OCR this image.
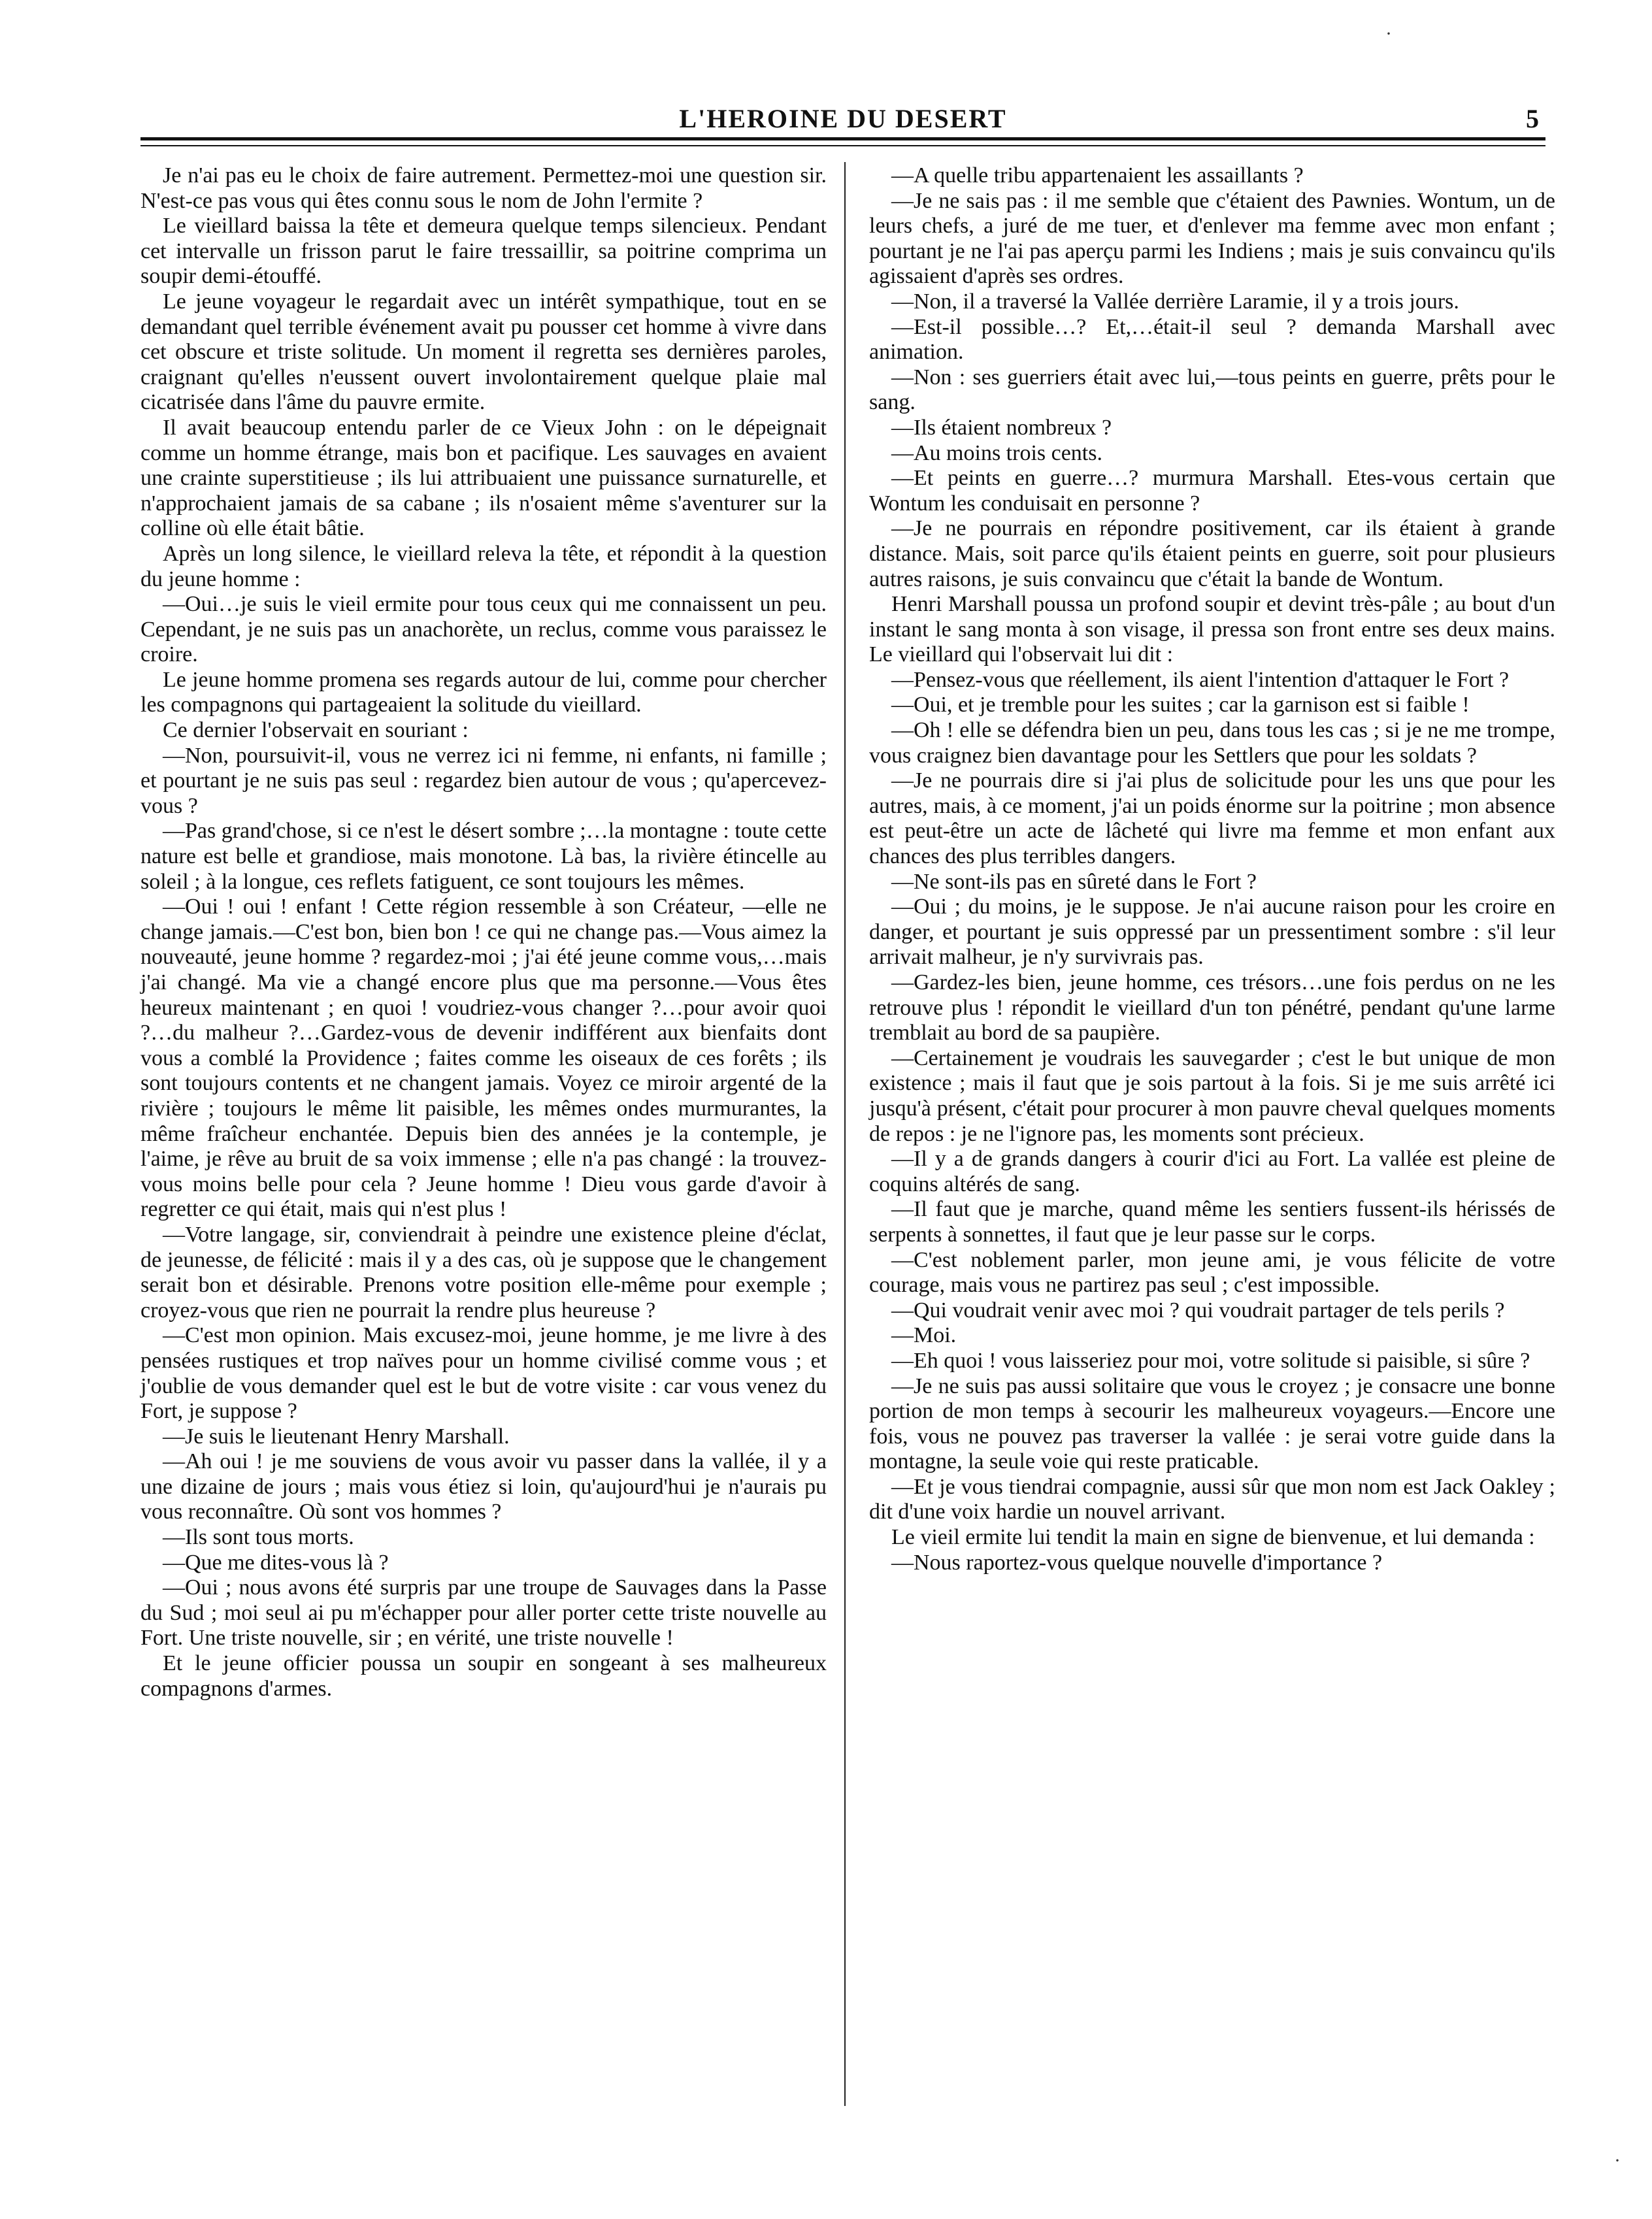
L'HEROINE DU DESERT	5

Je n'ai pas eu le choix de faire autrement. Permettez-moi une question sir. N'est-ce pas vous qui êtes connu sous le nom de John l'ermite ?

Le vieillard baissa la tête et demeura quelque temps silencieux. Pendant cet intervalle un frisson parut le faire tressaillir, sa poitrine comprima un soupir demi-étouffé.

Le jeune voyageur le regardait avec un intérêt sympathique, tout en se demandant quel terrible événement avait pu pousser cet homme à vivre dans cet obscure et triste solitude. Un moment il regretta ses dernières paroles, craignant qu'elles n'eussent ouvert involontairement quelque plaie mal cicatrisée dans l'âme du pauvre ermite.

Il avait beaucoup entendu parler de ce Vieux John : on le dépeignait comme un homme étrange, mais bon et pacifique. Les sauvages en avaient une crainte superstitieuse ; ils lui attribuaient une puissance surnaturelle, et n'approchaient jamais de sa cabane ; ils n'osaient même s'aventurer sur la colline où elle était bâtie.

Après un long silence, le vieillard releva la tête, et répondit à la question du jeune homme :

—Oui…je suis le vieil ermite pour tous ceux qui me connaissent un peu. Cependant, je ne suis pas un anachorète, un reclus, comme vous paraissez le croire.

Le jeune homme promena ses regards autour de lui, comme pour chercher les compagnons qui partageaient la solitude du vieillard.

Ce dernier l'observait en souriant :

—Non, poursuivit-il, vous ne verrez ici ni femme, ni enfants, ni famille ; et pourtant je ne suis pas seul : regardez bien autour de vous ; qu'apercevez-vous ?

—Pas grand'chose, si ce n'est le désert sombre ;…la montagne : toute cette nature est belle et grandiose, mais monotone. Là bas, la rivière étincelle au soleil ; à la longue, ces reflets fatiguent, ce sont toujours les mêmes.

—Oui ! oui ! enfant ! Cette région ressemble à son Créateur, —elle ne change jamais.—C'est bon, bien bon ! ce qui ne change pas.—Vous aimez la nouveauté, jeune homme ? regardez-moi ; j'ai été jeune comme vous,…mais j'ai changé. Ma vie a changé encore plus que ma personne.—Vous êtes heureux maintenant ; en quoi ! voudriez-vous changer ?…pour avoir quoi ?…du malheur ?…Gardez-vous de devenir indifférent aux bienfaits dont vous a comblé la Providence ; faites comme les oiseaux de ces forêts ; ils sont toujours contents et ne changent jamais. Voyez ce miroir argenté de la rivière ; toujours le même lit paisible, les mêmes ondes murmurantes, la même fraîcheur enchantée. Depuis bien des années je la contemple, je l'aime, je rêve au bruit de sa voix immense ; elle n'a pas changé : la trouvez-vous moins belle pour cela ? Jeune homme ! Dieu vous garde d'avoir à regretter ce qui était, mais qui n'est plus !

—Votre langage, sir, conviendrait à peindre une existence pleine d'éclat, de jeunesse, de félicité : mais il y a des cas, où je suppose que le changement serait bon et désirable. Prenons votre position elle-même pour exemple ; croyez-vous que rien ne pourrait la rendre plus heureuse ?

—C'est mon opinion. Mais excusez-moi, jeune homme, je me livre à des pensées rustiques et trop naïves pour un homme civilisé comme vous ; et j'oublie de vous demander quel est le but de votre visite : car vous venez du Fort, je suppose ?

—Je suis le lieutenant Henry Marshall.

—Ah oui ! je me souviens de vous avoir vu passer dans la vallée, il y a une dizaine de jours ; mais vous étiez si loin, qu'aujourd'hui je n'aurais pu vous reconnaître. Où sont vos hommes ?

—Ils sont tous morts.

—Que me dites-vous là ?

—Oui ; nous avons été surpris par une troupe de Sauvages dans la Passe du Sud ; moi seul ai pu m'échapper pour aller porter cette triste nouvelle au Fort. Une triste nouvelle, sir ; en vérité, une triste nouvelle !

Et le jeune officier poussa un soupir en songeant à ses malheureux compagnons d'armes.

—A quelle tribu appartenaient les assaillants ?

—Je ne sais pas : il me semble que c'étaient des Pawnies. Wontum, un de leurs chefs, a juré de me tuer, et d'enlever ma femme avec mon enfant ; pourtant je ne l'ai pas aperçu parmi les Indiens ; mais je suis convaincu qu'ils agissaient d'après ses ordres.

—Non, il a traversé la Vallée derrière Laramie, il y a trois jours.

—Est-il possible…? Et,…était-il seul ? demanda Marshall avec animation.

—Non : ses guerriers était avec lui,—tous peints en guerre, prêts pour le sang.

—Ils étaient nombreux ?

—Au moins trois cents.

—Et peints en guerre…? murmura Marshall. Etes-vous certain que Wontum les conduisait en personne ?

—Je ne pourrais en répondre positivement, car ils étaient à grande distance. Mais, soit parce qu'ils étaient peints en guerre, soit pour plusieurs autres raisons, je suis convaincu que c'était la bande de Wontum.

Henri Marshall poussa un profond soupir et devint très-pâle ; au bout d'un instant le sang monta à son visage, il pressa son front entre ses deux mains. Le vieillard qui l'observait lui dit :

—Pensez-vous que réellement, ils aient l'intention d'attaquer le Fort ?

—Oui, et je tremble pour les suites ; car la garnison est si faible !

—Oh ! elle se défendra bien un peu, dans tous les cas ; si je ne me trompe, vous craignez bien davantage pour les Settlers que pour les soldats ?

—Je ne pourrais dire si j'ai plus de solicitude pour les uns que pour les autres, mais, à ce moment, j'ai un poids énorme sur la poitrine ; mon absence est peut-être un acte de lâcheté qui livre ma femme et mon enfant aux chances des plus terribles dangers.

—Ne sont-ils pas en sûreté dans le Fort ?

—Oui ; du moins, je le suppose. Je n'ai aucune raison pour les croire en danger, et pourtant je suis oppressé par un pressentiment sombre : s'il leur arrivait malheur, je n'y survivrais pas.

—Gardez-les bien, jeune homme, ces trésors…une fois perdus on ne les retrouve plus ! répondit le vieillard d'un ton pénétré, pendant qu'une larme tremblait au bord de sa paupière.

—Certainement je voudrais les sauvegarder ; c'est le but unique de mon existence ; mais il faut que je sois partout à la fois. Si je me suis arrêté ici jusqu'à présent, c'était pour procurer à mon pauvre cheval quelques moments de repos : je ne l'ignore pas, les moments sont précieux.

—Il y a de grands dangers à courir d'ici au Fort. La vallée est pleine de coquins altérés de sang.

—Il faut que je marche, quand même les sentiers fussent-ils hérissés de serpents à sonnettes, il faut que je leur passe sur le corps.

—C'est noblement parler, mon jeune ami, je vous félicite de votre courage, mais vous ne partirez pas seul ; c'est impossible.

—Qui voudrait venir avec moi ? qui voudrait partager de tels perils ?

—Moi.

—Eh quoi ! vous laisseriez pour moi, votre solitude si paisible, si sûre ?

—Je ne suis pas aussi solitaire que vous le croyez ; je consacre une bonne portion de mon temps à secourir les malheureux voyageurs.—Encore une fois, vous ne pouvez pas traverser la vallée : je serai votre guide dans la montagne, la seule voie qui reste praticable.

—Et je vous tiendrai compagnie, aussi sûr que mon nom est Jack Oakley ; dit d'une voix hardie un nouvel arrivant.

Le vieil ermite lui tendit la main en signe de bienvenue, et lui demanda :

—Nous raportez-vous quelque nouvelle d'importance ?

·
·
